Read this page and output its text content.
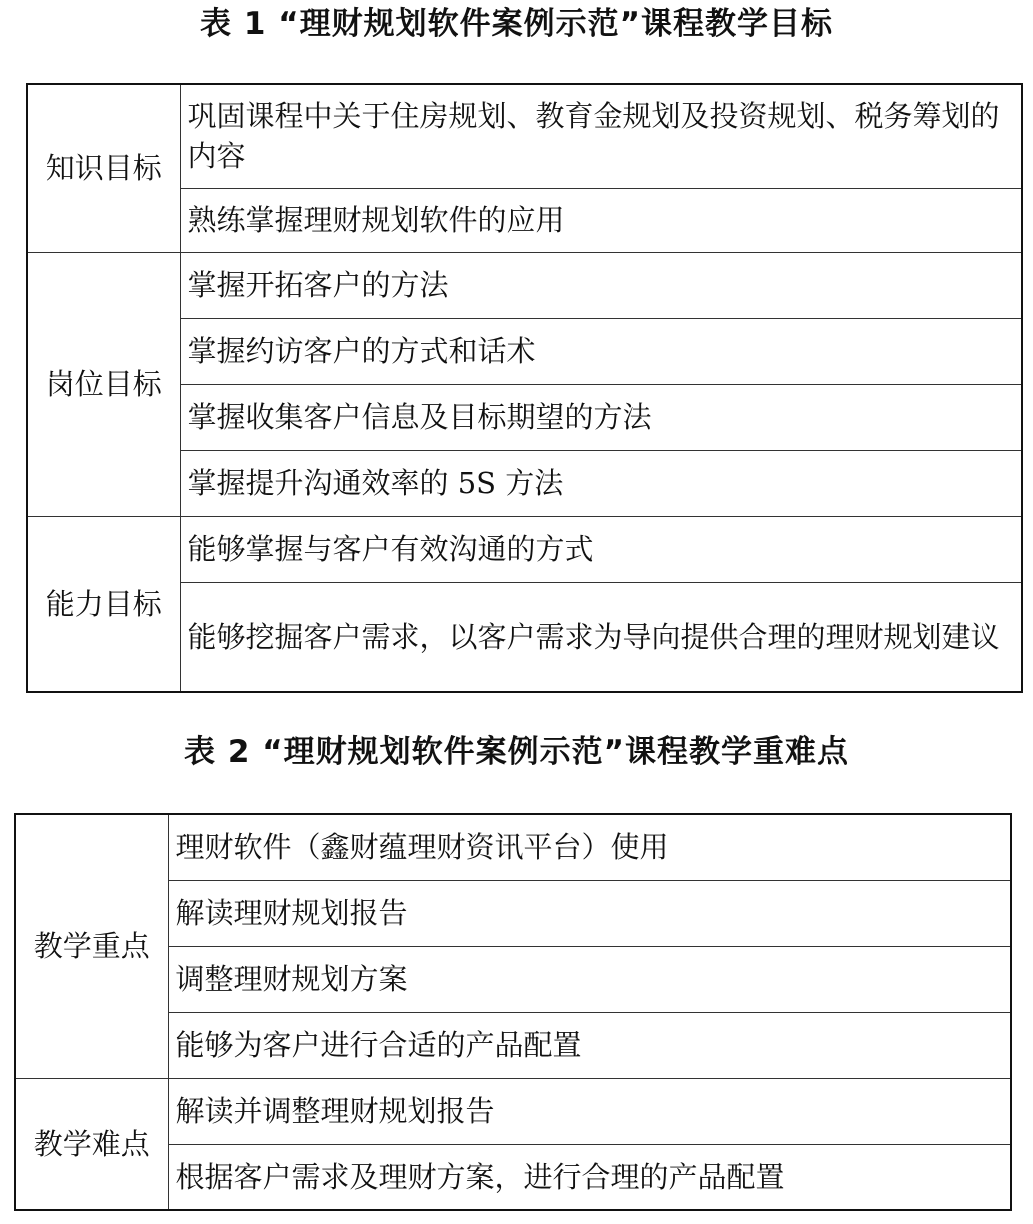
表 1 “理财规划软件案例示范”课程教学目标
知识目标	巩固课程中关于住房规划、教育金规划及投资规划、税务筹划的内容
	熟练掌握理财规划软件的应用
岗位目标	掌握开拓客户的方法
	掌握约访客户的方式和话术
	掌握收集客户信息及目标期望的方法
	掌握提升沟通效率的 5S 方法
能力目标	能够掌握与客户有效沟通的方式
	能够挖掘客户需求，以客户需求为导向提供合理的理财规划建议
表 2 “理财规划软件案例示范”课程教学重难点
教学重点	理财软件（鑫财蕴理财资讯平台）使用
	解读理财规划报告
	调整理财规划方案
	能够为客户进行合适的产品配置
教学难点	解读并调整理财规划报告
	根据客户需求及理财方案，进行合理的产品配置
